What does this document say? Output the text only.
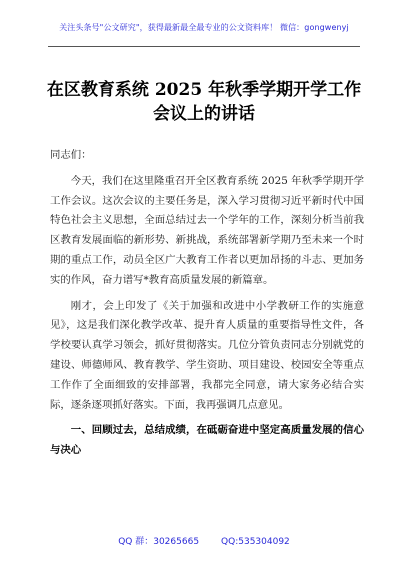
关注头条号"公文研究"，获得最新最全最专业的公文资料库！ 微信：gongwenyj
在区教育系统 2025 年秋季学期开学工作
会议上的讲话

同志们：

今天，我们在这里隆重召开全区教育系统 2025 年秋季学期开学工作会议。这次会议的主要任务是，深入学习贯彻习近平新时代中国特色社会主义思想，全面总结过去一个学年的工作，深刻分析当前我区教育发展面临的新形势、新挑战，系统部署新学期乃至未来一个时期的重点工作，动员全区广大教育工作者以更加昂扬的斗志、更加务实的作风，奋力谱写*教育高质量发展的新篇章。

刚才，会上印发了《关于加强和改进中小学教研工作的实施意见》，这是我们深化教学改革、提升育人质量的重要指导性文件，各学校要认真学习领会，抓好贯彻落实。几位分管负责同志分别就党的建设、师德师风、教育教学、学生资助、项目建设、校园安全等重点工作作了全面细致的安排部署，我都完全同意，请大家务必结合实际，逐条逐项抓好落实。下面，我再强调几点意见。

一、回顾过去，总结成绩，在砥砺奋进中坚定高质量发展的信心与决心

QQ 群：30265665 QQ:535304092
